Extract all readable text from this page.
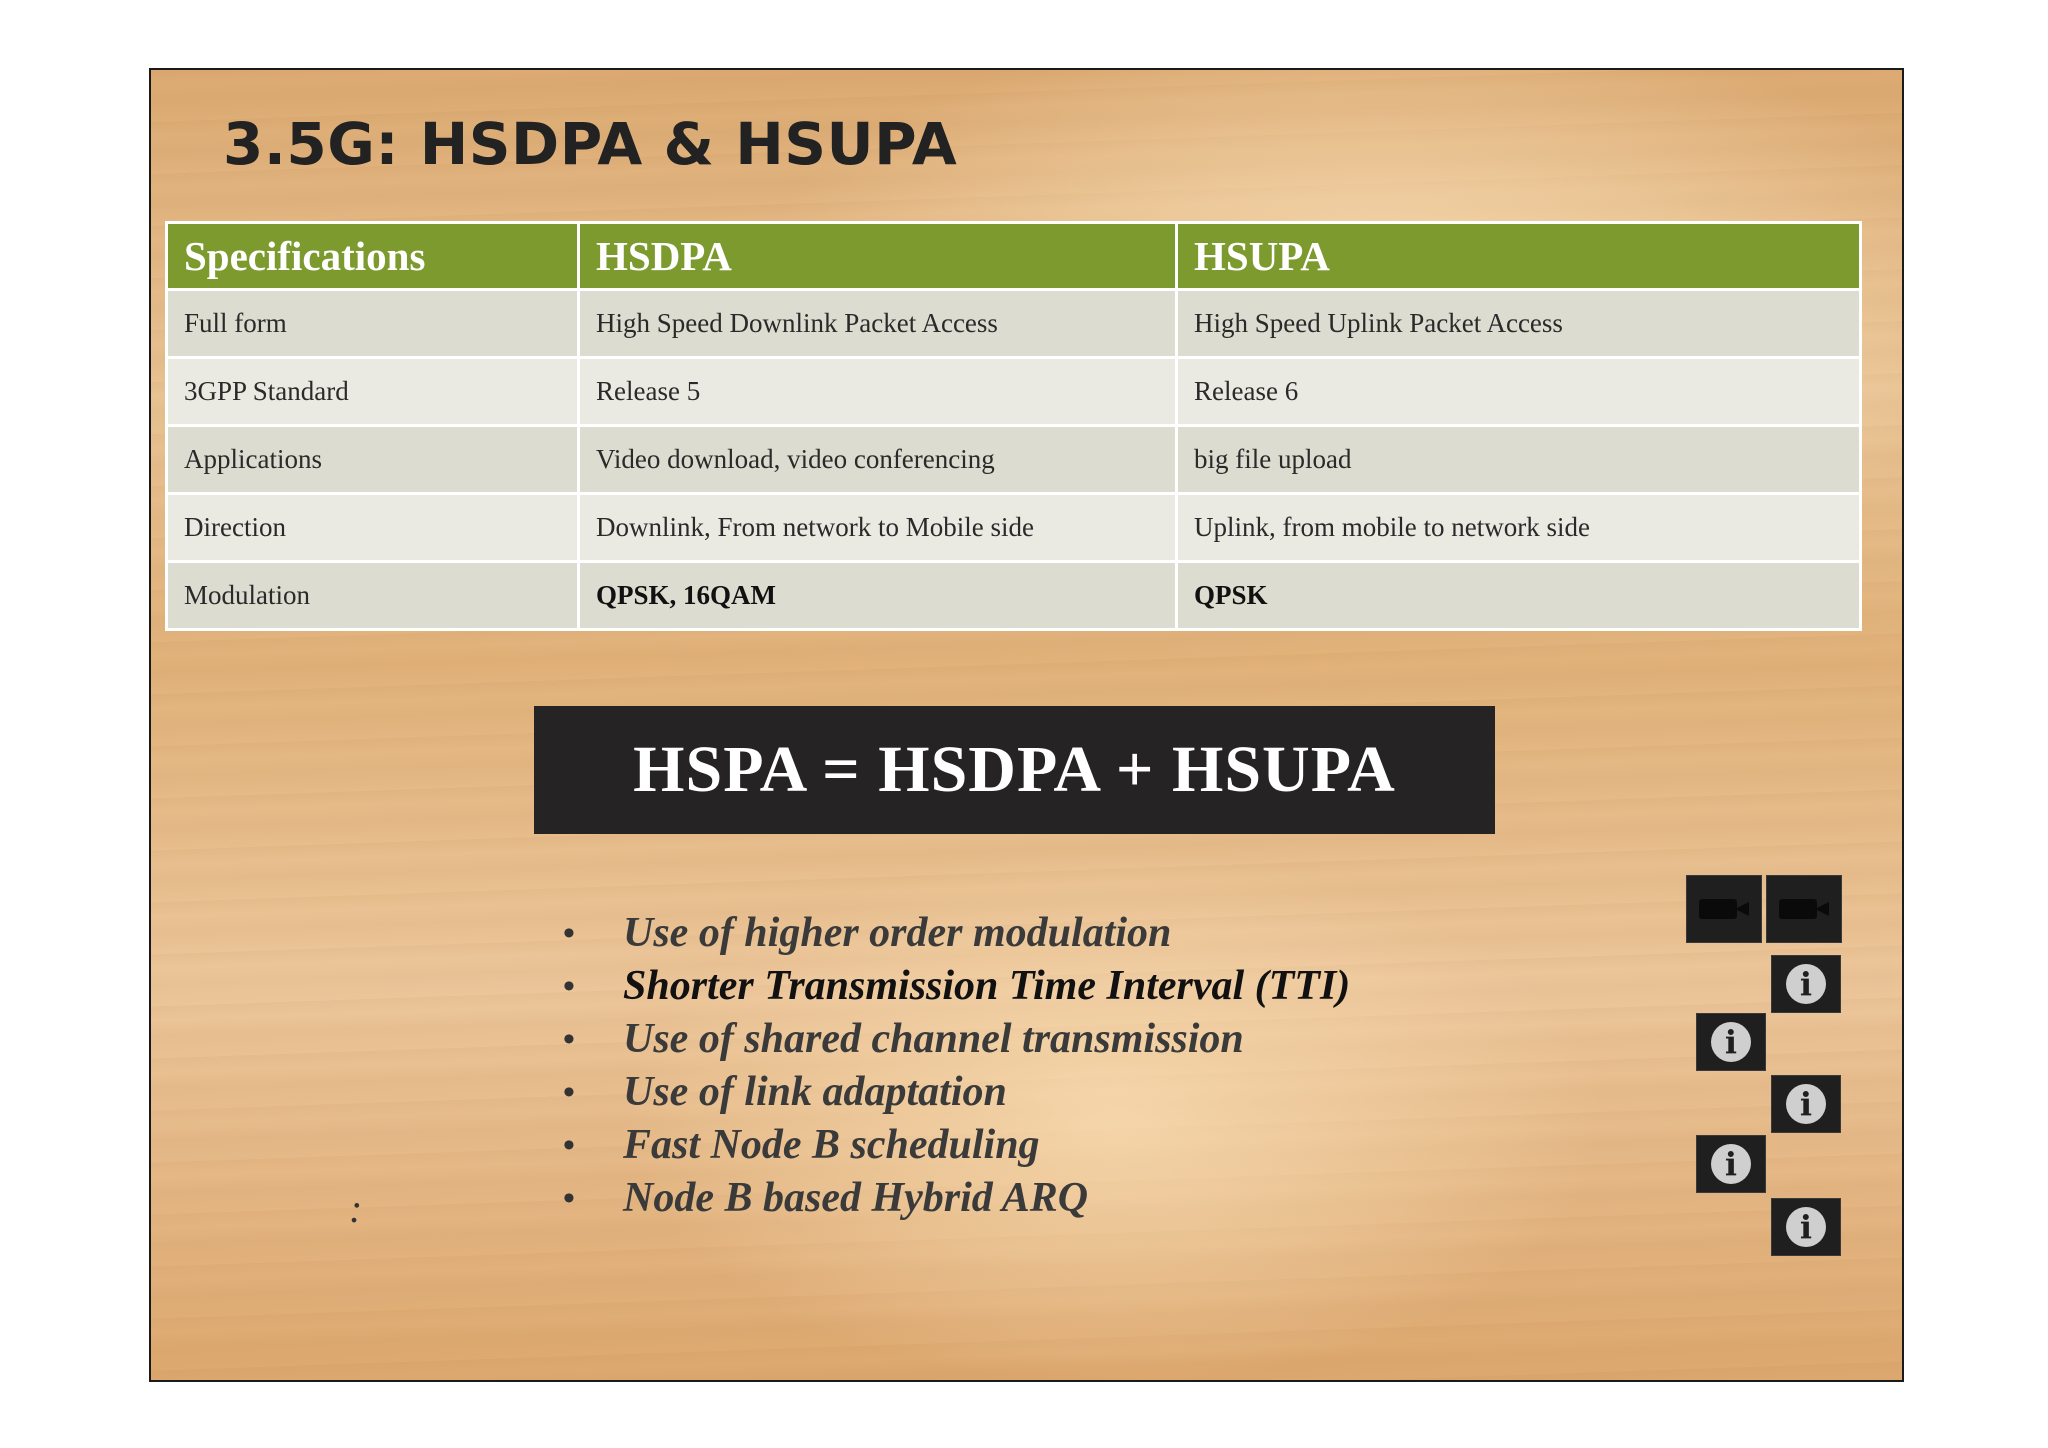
3.5G: HSDPA & HSUPA
Specifications	HSDPA	HSUPA
Full form	High Speed Downlink Packet Access	High Speed Uplink Packet Access
3GPP Standard	Release 5	Release 6
Applications	Video download, video conferencing	big file upload
Direction	Downlink, From network to Mobile side	Uplink, from mobile to network side
Modulation	QPSK, 16QAM	QPSK
HSPA = HSDPA + HSUPA
• Use of higher order modulation
• Shorter Transmission Time Interval (TTI)
• Use of shared channel transmission
• Use of link adaptation
• Fast Node B scheduling
• Node B based Hybrid ARQ
:
i
i
i
i
i
